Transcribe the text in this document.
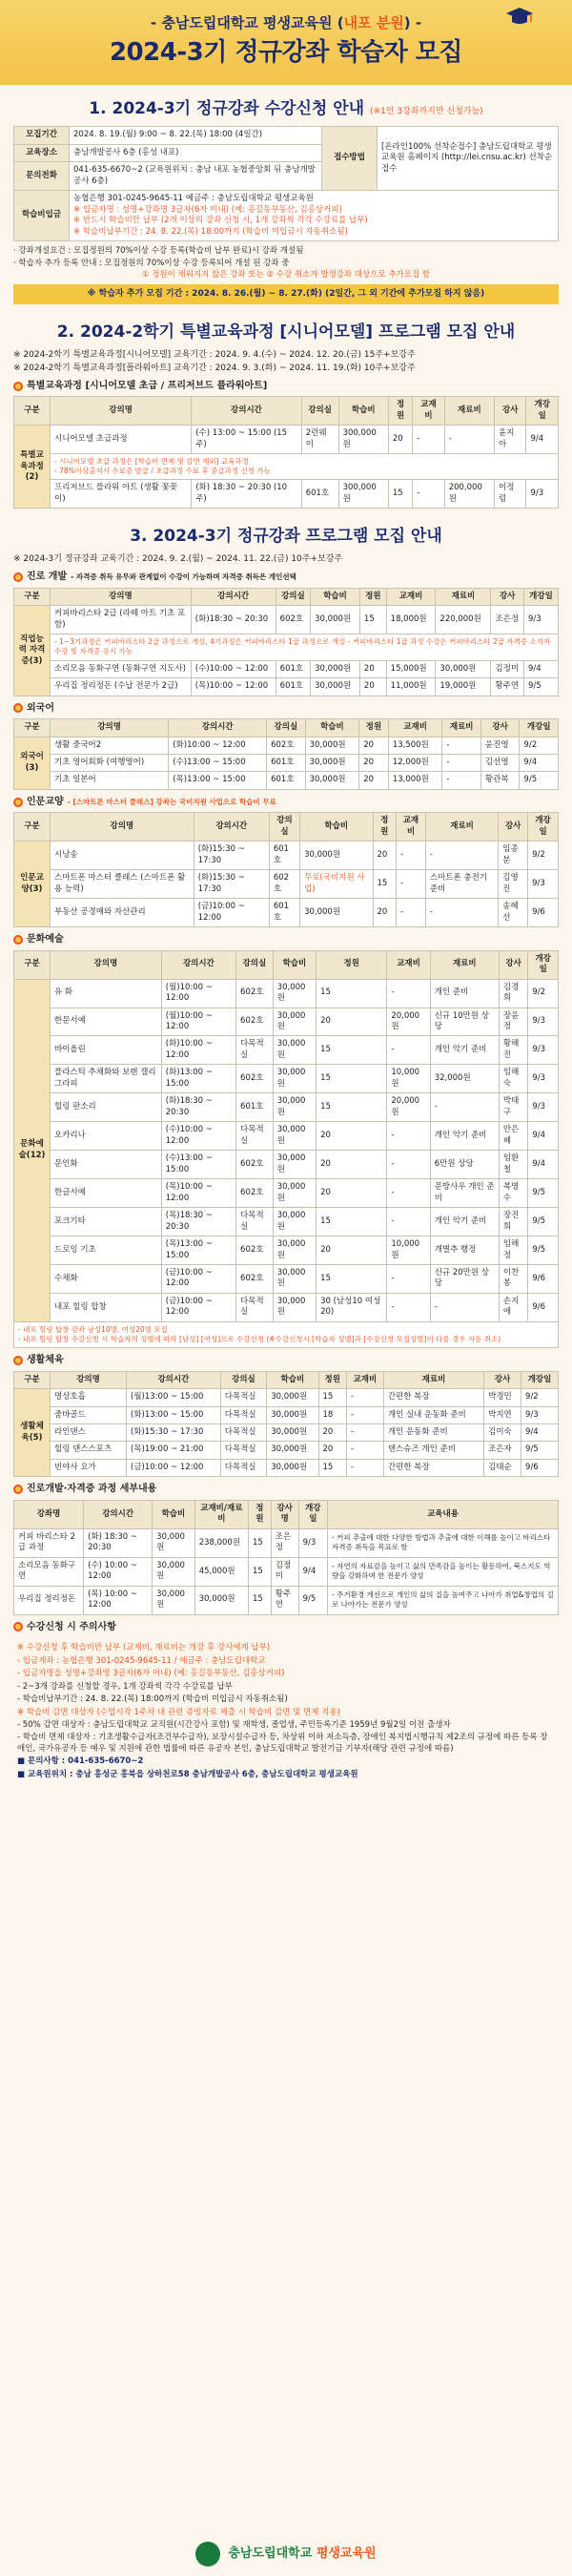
- 충남도립대학교 평생교육원 (내포 분원) -
2024-3기 정규강좌 학습자 모집
1. 2024-3기 정규강좌 수강신청 안내 (※1인 3강좌까지만 신청가능)
모집기간	2024. 8. 19.(월) 9:00 ~ 8. 22.(목) 18:00 (4일간)	접수방법	[온라인100% 선착순접수] 충남도립대학교 평생교육원 홈페이지 (http://lei.cnsu.ac.kr) 선착순 접수
교육장소	충남개발공사 6층 (홍성 내포)		
문의전화	041-635-6670~2 (교육원위치 : 충남 내포 농협중앙회 뒤 충남개발공사 6층)		
학습비입금	농협은행 301-0245-9645-11 예금주 : 충남도립대학교 평생교육원
※ 입금자명 : 성명+강좌명 3글자(6자 이내) (예: 홍길동부동산, 김홍상커피)
※ 반드시 학습비만 납부 (2개 이상의 강좌 신청 시, 1개 강좌씩 각각 수강료를 납부)
※ 학습비납부기간 : 24. 8. 22.(목) 18:00까지 (학습비 미입금시 자동취소됨)		
· 강좌개설요건 : 모집정원의 70%이상 수강 등록(학습비 납부 완료)시 강좌 개설됨
· 학습자 추가 등록 안내 : 모집정원의 70%이상 수강 등록되어 개설 된 강좌 중
① 정원이 채워지지 않은 강좌 또는 ② 수강 취소자 발생강좌 대상으로 추가모집 함
※ 학습자 추가 모집 기간 : 2024. 8. 26.(월) ~ 8. 27.(화) (2일간, 그 외 기간에 추가모집 하지 않음)
2. 2024-2학기 특별교육과정 [시니어모델] 프로그램 모집 안내
※ 2024-2학기 특별교육과정[시니어모델] 교육기간 : 2024. 9. 4.(수) ~ 2024. 12. 20.(금) 15주+보강주
※ 2024-2학기 특별교육과정[플라워아트] 교육기간 : 2024. 9. 3.(화) ~ 2024. 11. 19.(화) 10주+보강주
특별교육과정 [시니어모델 초급 / 프리저브드 플라워아트]
구분	강의명	강의시간	강의실	학습비	정원	교재비	재료비	강사	개강일
특별교육과정(2)	시니어모델 초급과정	(수) 13:00 ~ 15:00 (15주)	2런웨이	300,000원	20	-	-	윤지아	9/4

	- 시니어모델 초급 과정은 [학습비 면제 및 감면 제외] 교육과정
- 78%이상출석시 수료증 발급 / 초급과정 수료 후 중급과정 신청 가능								

	프리저브드 플라워 아트 (생활 꽃꽂이)	(화) 18:30 ~ 20:30 (10주)	601호	300,000원	15	-	200,000원	이정림	9/3
3. 2024-3기 정규강좌 프로그램 모집 안내
※ 2024-3기 정규강좌 교육기간 : 2024. 9. 2.(월) ~ 2024. 11. 22.(금) 10주+보강주
진로 개발 - 자격증 취득 유무와 관계없이 수강이 가능하며 자격증 취득은 개인선택
구분	강의명	강의시간	강의실	학습비	정원	교재비	재료비	강사	개강일
직업능력 자격증(3)	커피바리스타 2급 (라떼 아트 기초 포함)	(화)18:30 ~ 20:30	602호	30,000원	15	18,000원	220,000원	조은정	9/3
	- 1~3기과정은 커피바리스타 2급 과정으로 개설, 4기과정은 커피바리스타 1급 과정으로 개설 - 커피바리스타 1급 과정 수강은 커피바리스타 2급 자격증 소지자 수강 및 자격증 응시 가능								
	소리모음 동화구연 (동화구연 지도사)	(수)10:00 ~ 12:00	601호	30,000원	20	15,000원	30,000원	김정미	9/4
	우리집 정리정돈 (수납 전문가 2급)	(목)10:00 ~ 12:00	601호	30,000원	20	11,000원	19,000원	황주연	9/5
외국어
구분	강의명	강의시간	강의실	학습비	정원	교재비	재료비	강사	개강일
외국어(3)	생활 중국어2	(화)10:00 ~ 12:00	602호	30,000원	20	13,500원	-	윤진영	9/2
	기초 영어회화 (여행영어)	(수)13:00 ~ 15:00	601호	30,000원	20	12,000원	-	김선영	9/4
	기초 일본어	(목)13:00 ~ 15:00	601호	30,000원	20	13,000원	-	황관복	9/5
인문교양 - [스마트폰 마스터 클래스] 강좌는 국비지원 사업으로 학습비 무료
구분	강의명	강의시간	강의실	학습비	정원	교재비	재료비	강사	개강일
인문교양(3)	시낭송	(화)15:30 ~ 17:30	601호	30,000원	20	-	-	임종분	9/2
	스마트폰 마스터 클래스 (스마트폰 활용 능력)	(화)15:30 ~ 17:30	602호	무료(국비지원 사업)	15	-	스마트폰 충전기 준비	김영진	9/3
	부동산 공경매와 자산관리	(금)10:00 ~ 12:00	601호	30,000원	20	-	-	송혜선	9/6
문화예술
구분	강의명	강의시간	강의실	학습비	정원	교재비	재료비	강사	개강일
문화예술(12)	유 화	(월)10:00 ~ 12:00	602호	30,000원	15	-	개인 준비	김경희	9/2
	한문서예	(월)10:00 ~ 12:00	602호	30,000원	20	20,000원	신규 10만원 상당	장윤정	9/3
	바이올린	(화)10:00 ~ 12:00	다목적실	30,000원	15	-	개인 악기 준비	황해진	9/3
	플라스틱 추채화와 보렌 캘리그라피	(화)13:00 ~ 15:00	602호	30,000원	15	10,000원	32,000원	임해숙	9/3
	힐링 판소리	(화)18:30 ~ 20:30	601호	30,000원	15	20,000원	-	박태구	9/3
	오카리나	(수)10:00 ~ 12:00	다목적실	30,000원	20	-	개인 악기 준비	안은혜	9/4
	문인화	(수)13:00 ~ 15:00	602호	30,000원	20	-	6만원 상당	임환철	9/4
	한글서예	(목)10:00 ~ 12:00	602호	30,000원	20	-	문방사우 개인 준비	복영수	9/5
	포크기타	(목)18:30 ~ 20:30	다목적실	30,000원	15	-	개인 악기 준비	장진희	9/5
	드로잉 기초	(목)13:00 ~ 15:00	602호	30,000원	20	10,000원	개별추 행정	임해정	9/5
	수채화	(금)10:00 ~ 12:00	602호	30,000원	15	-	신규 20만원 상당	이찬봉	9/6
	내포 힐링 합창	(금)10:00 ~ 12:00	다목적실	30,000원	30 (남성10 여성20)	-	-	손지애	9/6
- 내포 힐링 합창 강좌 남성10명, 여성20명 모집
- 내포 힐링 합창 수강신청 시 학습자의 성별에 따라 [남성] [여성]으로 수강신청 (※수강신청시 [학습자 성별]과 [수강신청 모집성별]이 다를 경우 자동 취소)
생활체육
구분	강의명	강의시간	강의실	학습비	정원	교재비	재료비	강사	개강일
생활체육(5)	명상호흡	(월)13:00 ~ 15:00	다목적실	30,000원	15	-	간편한 복장	박경민	9/2
	줌바골드	(화)13:00 ~ 15:00	다목적실	30,000원	18	-	개인 실내 운동화 준비	박지연	9/3
	라인댄스	(화)15:30 ~ 17:30	다목적실	30,000원	20	-	개인 운동화 준비	김미숙	9/4
	힐링 댄스스포츠	(목)19:00 ~ 21:00	다목적실	30,000원	20	-	댄스슈즈 개인 준비	조은자	9/5
	빈야사 요가	(금)10:00 ~ 12:00	다목적실	30,000원	15	-	간편한 복장	김태순	9/6
진로개발·자격증 과정 세부내용
강좌명	강의시간	학습비	교재비/재료비	정원	강사명	개강일	교육내용
커피 바리스타 2급 과정	(화) 18:30 ~ 20:30	30,000원	238,000원	15	조은정	9/3	- 커피 추출에 대한 다양한 방법과 추출에 대한 이해를 높이고 바리스타 자격증 취득을 목표로 함
소리모음 동화구연	(수) 10:00 ~ 12:00	30,000원	45,000원	15	김정미	9/4	- 자연의 자료감을 높이고 삶의 만족감을 높이는 활동하여, 북스지도 역량을 강화하며 한 전문가 양성
우리집 정리정돈	(목) 10:00 ~ 12:00	30,000원	30,000원	15	황주연	9/5	- 주거환경 개선으로 개인의 삶의 질을 높여주고 나아가 취업&창업의 길로 나아가는 전문가 양성
수강신청 시 주의사항
※ 수강신청 후 학습비만 납부 (교재비, 재료비는 개강 후 강사에게 납부)
- 입금계좌 : 농협은행 301-0245-9645-11 / 예금주 : 충남도립대학교
- 입금자명을 성명+강좌명 3글자(6자 이내) (예: 홍길동부동산, 김홍상커피)
- 2~3개 강좌를 신청할 경우, 1개 강좌씩 각각 수강료를 납부
- 학습비납부기간 : 24. 8. 22.(목) 18:00까지 (학습비 미입금시 자동취소됨)
※ 학습비 감면 대상자 (수업시작 1주차 내 관련 증빙자료 제출 시 학습비 감면 및 면제 적용)
- 50% 감면 대상자 : 충남도립대학교 교직원(시간강사 포함) 및 재학생, 졸업생, 주민등록기준 1959년 9월2일 이전 출생자
- 학습비 면제 대상자 : 기초생활수급자(조건부수급자), 보장시설수급자 등, 차상위 이하 저소득층, 장애인 복지법시행규칙 제2조의 규정에 따른 등록 장애인, 국가유공자 등 예우 및 지원에 관한 법률에 따른 유공자 본인, 충남도립대학교 발전기금 기부자(해당 관련 규정에 따름)
■ 문의사항 : 041-635-6670~2
■ 교육원위치 : 충남 홍성군 홍북읍 상하천로58 충남개발공사 6층, 충남도립대학교 평생교육원
충남도립대학교 평생교육원
